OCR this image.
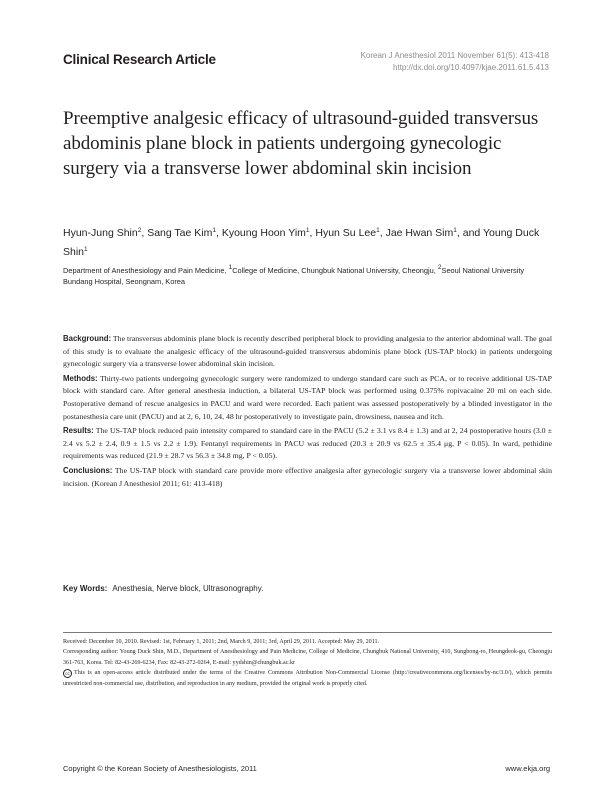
Clinical Research Article	Korean J Anesthesiol 2011 November 61(5): 413-418
http://dx.doi.org/10.4097/kjae.2011.61.5.413
Preemptive analgesic efficacy of ultrasound-guided transversus abdominis plane block in patients undergoing gynecologic surgery via a transverse lower abdominal skin incision
Hyun-Jung Shin$^2$, Sang Tae Kim$^1$, Kyoung Hoon Yim$^1$, Hyun Su Lee$^1$, Jae Hwan Sim$^1$, and Young Duck Shin$^1$
Department of Anesthesiology and Pain Medicine, $^1$College of Medicine, Chungbuk National University, Cheongju, $^2$Seoul National University Bundang Hospital, Seongnam, Korea

Background: The transversus abdominis plane block is recently described peripheral block to providing analgesia to the anterior abdominal wall. The goal of this study is to evaluate the analgesic efficacy of the ultrasound-guided transversus abdominis plane block (US-TAP block) in patients undergoing gynecologic surgery via a transverse lower abdominal skin incision.

Methods: Thirty-two patients undergoing gynecologic surgery were randomized to undergo standard care such as PCA, or to receive additional US-TAP block with standard care. After general anesthesia induction, a bilateral US-TAP block was performed using 0.375% ropivacaine 20 ml on each side. Postoperative demand of rescue analgesics in PACU and ward were recorded. Each patient was assessed postoperatively by a blinded investigator in the postanesthesia care unit (PACU) and at 2, 6, 10, 24, 48 hr postoperatively to investigate pain, drowsiness, nausea and itch.

Results: The US-TAP block reduced pain intensity compared to standard care in the PACU (5.2 ± 3.1 vs 8.4 ± 1.3) and at 2, 24 postoperative hours (3.0 ± 2.4 vs 5.2 ± 2.4, 0.9 ± 1.5 vs 2.2 ± 1.9). Fentanyl requirements in PACU was reduced (20.3 ± 20.9 vs 62.5 ± 35.4 μg, P < 0.05). In ward, pethidine requirements was reduced (21.9 ± 28.7 vs 56.3 ± 34.8 mg, P < 0.05).

Conclusions: The US-TAP block with standard care provide more effective analgesia after gynecologic surgery via a transverse lower abdominal skin incision. (Korean J Anesthesiol 2011; 61: 413-418)

Key Words: Anesthesia, Nerve block, Ultrasonography.

Received: December 10, 2010. Revised: 1st, February 1, 2011; 2nd, March 9, 2011; 3rd, April 29, 2011. Accepted: May 29, 2011.

Corresponding author: Young Duck Shin, M.D., Department of Anesthesiology and Pain Medicine, College of Medicine, Chungbuk National University, 410, Sungbong-ro, Heungdeok-gu, Cheongju 361-763, Korea. Tel: 82-43-269-6234, Fax: 82-43-272-0264, E-mail: yydshin@chungbuk.ac.kr

cc This is an open-access article distributed under the terms of the Creative Commons Attribution Non-Commercial License (http://creativecommons.org/licenses/by-nc/3.0/), which permits unrestricted non-commercial use, distribution, and reproduction in any medium, provided the original work is properly cited.

Copyright © the Korean Society of Anesthesiologists, 2011	www.ekja.org
